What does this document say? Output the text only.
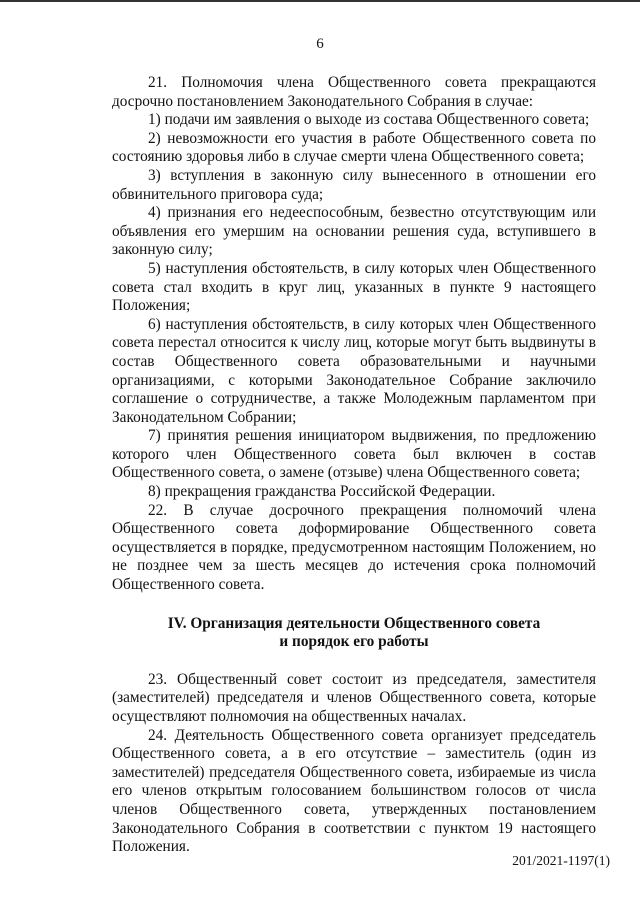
6

21. Полномочия члена Общественного совета прекращаются досрочно постановлением Законодательного Собрания в случае:

1) подачи им заявления о выходе из состава Общественного совета;

2) невозможности его участия в работе Общественного совета по состоянию здоровья либо в случае смерти члена Общественного совета;

3) вступления в законную силу вынесенного в отношении его обвинительного приговора суда;

4) признания его недееспособным, безвестно отсутствующим или объявления его умершим на основании решения суда, вступившего в законную силу;

5) наступления обстоятельств, в силу которых член Общественного совета стал входить в круг лиц, указанных в пункте 9 настоящего Положения;

6) наступления обстоятельств, в силу которых член Общественного совета перестал относится к числу лиц, которые могут быть выдвинуты в состав Общественного совета образовательными и научными организациями, с которыми Законодательное Собрание заключило соглашение о сотрудничестве, а также Молодежным парламентом при Законодательном Собрании;

7) принятия решения инициатором выдвижения, по предложению которого член Общественного совета был включен в состав Общественного совета, о замене (отзыве) члена Общественного совета;

8) прекращения гражданства Российской Федерации.

22. В случае досрочного прекращения полномочий члена Общественного совета доформирование Общественного совета осуществляется в порядке, предусмотренном настоящим Положением, но не позднее чем за шесть месяцев до истечения срока полномочий Общественного совета.

IV. Организация деятельности Общественного совета

и порядок его работы

23. Общественный совет состоит из председателя, заместителя (заместителей) председателя и членов Общественного совета, которые осуществляют полномочия на общественных началах.

24. Деятельность Общественного совета организует председатель Общественного совета, а в его отсутствие – заместитель (один из заместителей) председателя Общественного совета, избираемые из числа его членов открытым голосованием большинством голосов от числа членов Общественного совета, утвержденных постановлением Законодательного Собрания в соответствии с пунктом 19 настоящего Положения.

201/2021-1197(1)
